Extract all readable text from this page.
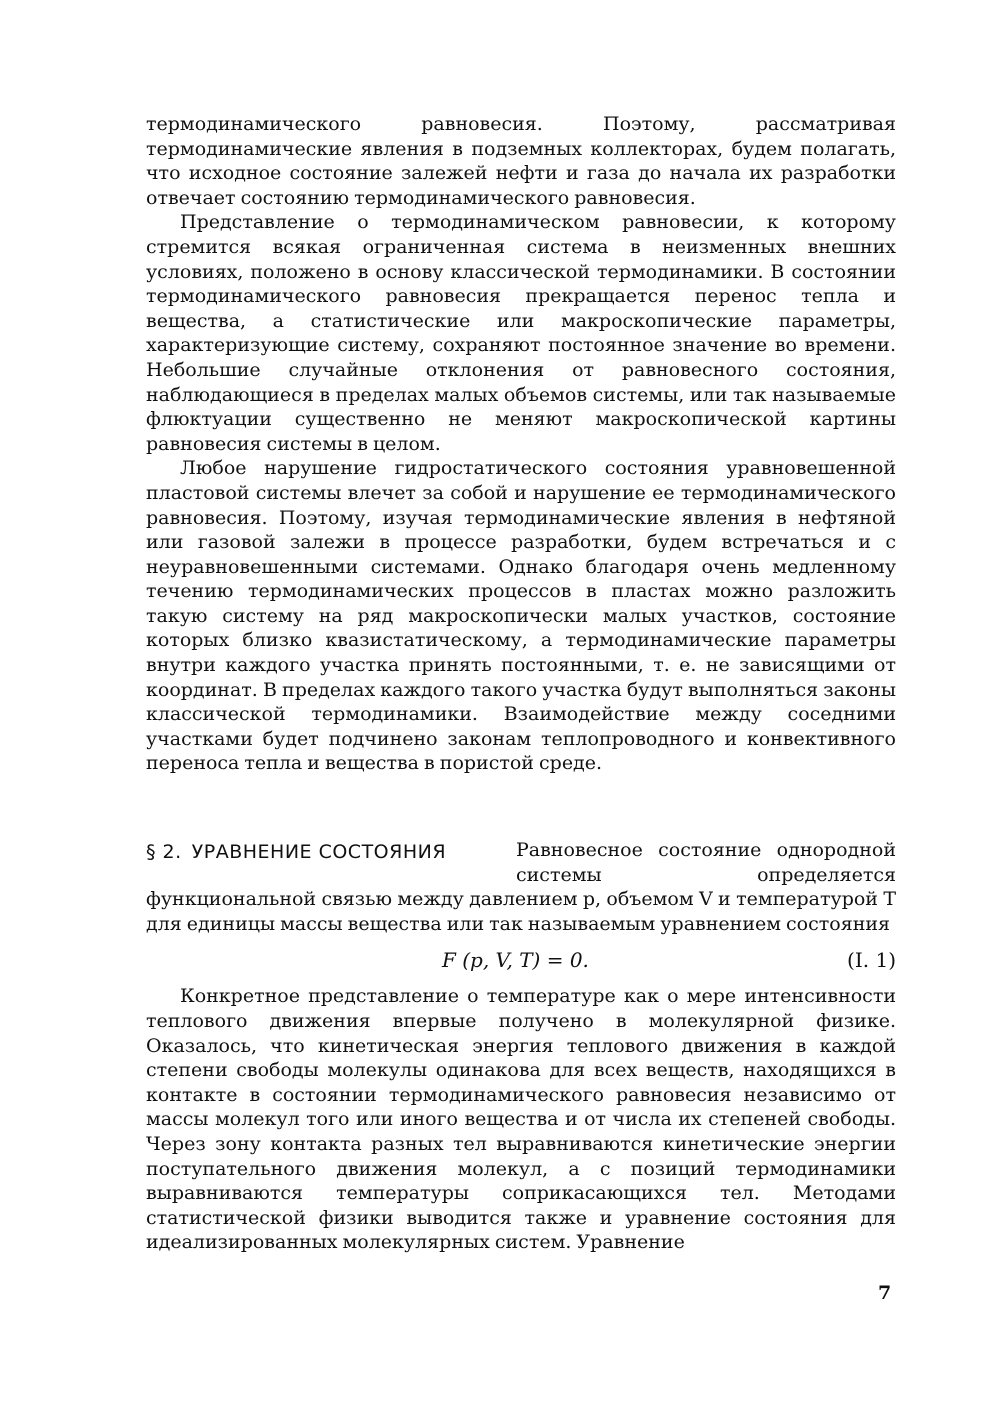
термодинамического равновесия. Поэтому, рассматривая термодинамические явления в подземных коллекторах, будем полагать, что исходное состояние залежей нефти и газа до начала их разработки отвечает состоянию термодинамического равновесия.

Представление о термодинамическом равновесии, к которому стремится всякая ограниченная система в неизменных внешних условиях, положено в основу классической термодинамики. В состоянии термодинамического равновесия прекращается перенос тепла и вещества, а статистические или макроскопические параметры, характеризующие систему, сохраняют постоянное значение во времени. Небольшие случайные отклонения от равновесного состояния, наблюдающиеся в пределах малых объемов системы, или так называемые флюктуации существенно не меняют макроскопической картины равновесия системы в целом.

Любое нарушение гидростатического состояния уравновешенной пластовой системы влечет за собой и нарушение ее термодинамического равновесия. Поэтому, изучая термодинамические явления в нефтяной или газовой залежи в процессе разработки, будем встречаться и с неуравновешенными системами. Однако благодаря очень медленному течению термодинамических процессов в пластах можно разложить такую систему на ряд макроскопически малых участков, состояние которых близко квазистатическому, а термодинамические параметры внутри каждого участка принять постоянными, т. е. не зависящими от координат. В пределах каждого такого участка будут выполняться законы классической термодинамики. Взаимодействие между соседними участками будет подчинено законам теплопроводного и конвективного переноса тепла и вещества в пористой среде.

§ 2. УРАВНЕНИЕ СОСТОЯНИЯ	Равновесное состояние однородной системы определяется функциональной связью между давлением p, объемом V и температурой T для единицы массы вещества или так называемым уравнением состояния

F (p, V, T) = 0.	(I. 1)

Конкретное представление о температуре как о мере интенсивности теплового движения впервые получено в молекулярной физике. Оказалось, что кинетическая энергия теплового движения в каждой степени свободы молекулы одинакова для всех веществ, находящихся в контакте в состоянии термодинамического равновесия независимо от массы молекул того или иного вещества и от числа их степеней свободы. Через зону контакта разных тел выравниваются кинетические энергии поступательного движения молекул, а с позиций термодинамики выравниваются температуры соприкасающихся тел. Методами статистической физики выводится также и уравнение состояния для идеализированных молекулярных систем. Уравнение

7
